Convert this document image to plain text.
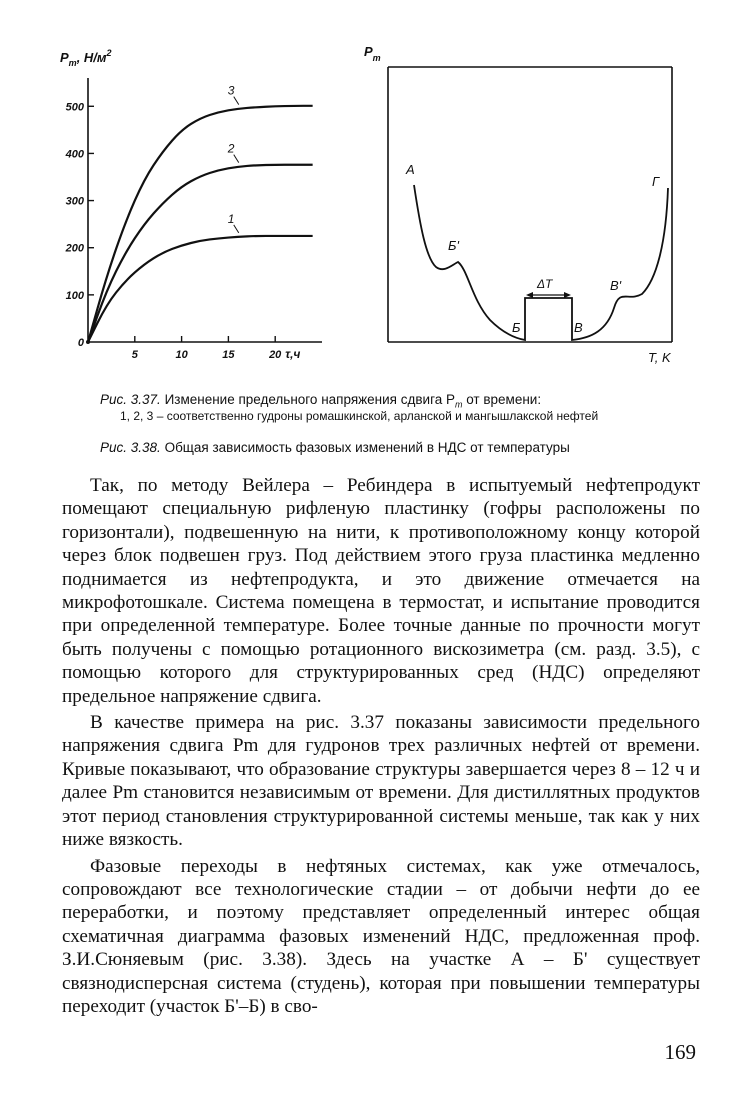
$P_m$, $Н/м^2$
0
100
200
300
400
500
5	10	15	20 τ,ч
1
2
3
$P_m$
ΔT
А
Б'
Б	В
В'
Г
T, K
Рис. 3.37. Изменение предельного напряжения сдвига $P_m$ от времени:
1, 2, 3 – соответственно гудроны ромашкинской, арланской и мангышлакской нефтей
Рис. 3.38. Общая зависимость фазовых изменений в НДС от температуры

Так, по методу Вейлера – Ребиндера в испытуемый нефтепродукт помещают специальную рифленую пластинку (гофры расположены по горизонтали), подвешенную на нити, к противоположному концу которой через блок подвешен груз. Под действием этого груза пластинка медленно поднимается из нефтепродукта, и это движение отмечается на микрофотошкале. Система помещена в термостат, и испытание проводится при определенной температуре. Более точные данные по прочности могут быть получены с помощью ротационного вискозиметра (см. разд. 3.5), с помощью которого для структурированных сред (НДС) определяют предельное напряжение сдвига.

В качестве примера на рис. 3.37 показаны зависимости предельного напряжения сдвига Pm для гудронов трех различных нефтей от времени. Кривые показывают, что образование структуры завершается через 8 – 12 ч и далее Pm становится независимым от времени. Для дистиллятных продуктов этот период становления структурированной системы меньше, так как у них ниже вязкость.

Фазовые переходы в нефтяных системах, как уже отмечалось, сопровождают все технологические стадии – от добычи нефти до ее переработки, и поэтому представляет определенный интерес общая схематичная диаграмма фазовых изменений НДС, предложенная проф. З.И.Сюняевым (рис. 3.38). Здесь на участке А – Б' существует связнодисперсная система (студень), которая при повышении температуры переходит (участок Б'–Б) в сво-

169
